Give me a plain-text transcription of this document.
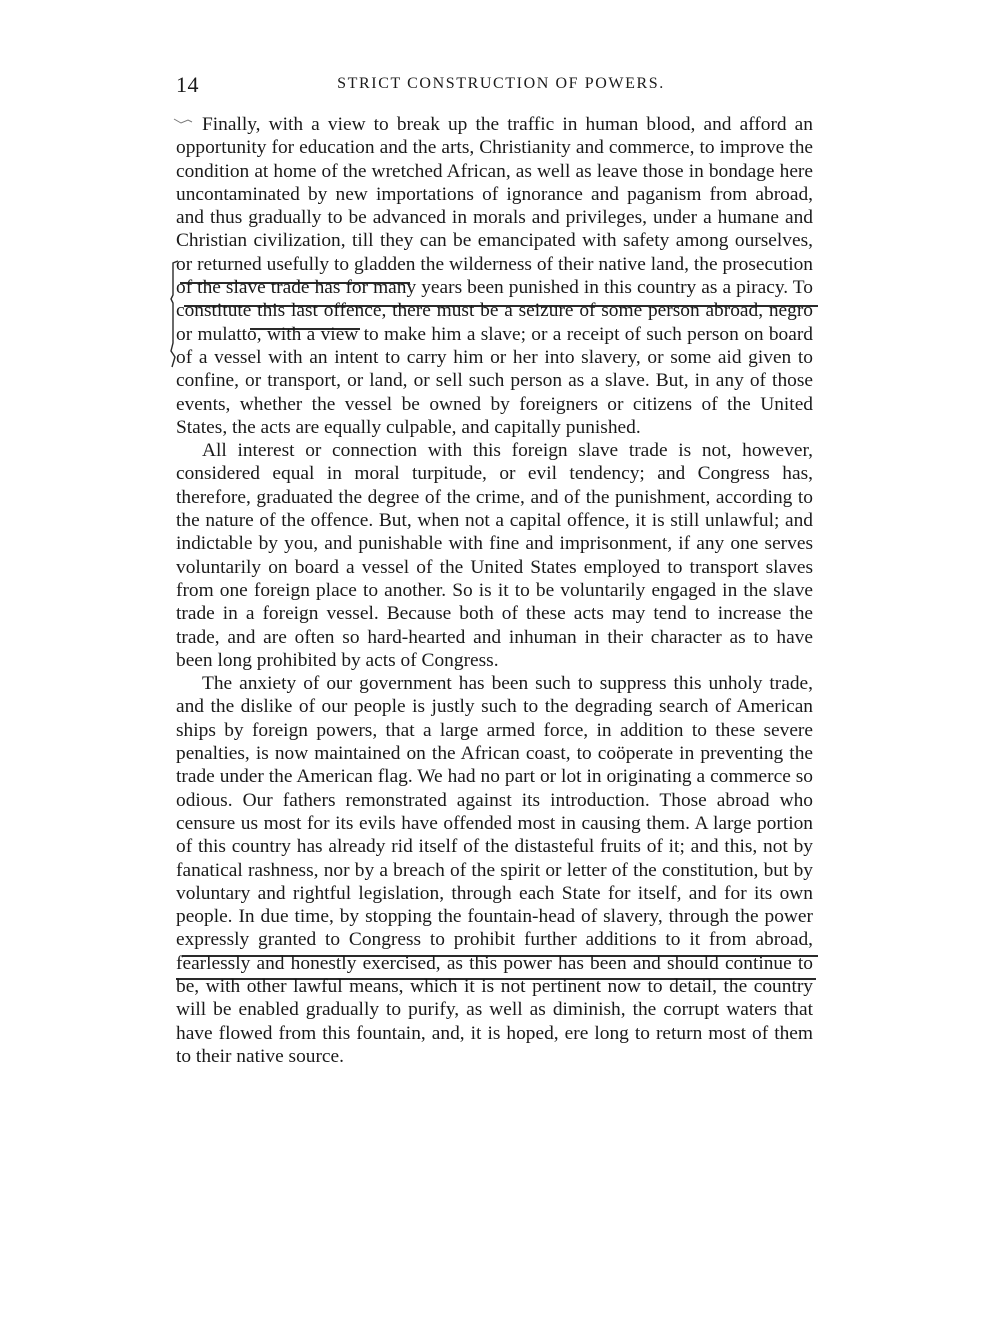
14	STRICT CONSTRUCTION OF POWERS.

Finally, with a view to break up the traffic in human blood, and afford an opportunity for education and the arts, Christianity and commerce, to improve the condition at home of the wretched African, as well as leave those in bondage here uncontaminated by new importations of ignorance and paganism from abroad, and thus gradually to be advanced in morals and privileges, under a humane and Christian civilization, till they can be emancipated with safety among ourselves, or returned usefully to gladden the wilderness of their native land, the prosecution of the slave trade has for many years been punished in this country as a piracy. To constitute this last offence, there must be a seizure of some person abroad, negro or mulatto, with a view to make him a slave; or a receipt of such person on board of a vessel with an intent to carry him or her into slavery, or some aid given to confine, or transport, or land, or sell such person as a slave. But, in any of those events, whether the vessel be owned by foreigners or citizens of the United States, the acts are equally culpable, and capitally punished.

All interest or connection with this foreign slave trade is not, however, considered equal in moral turpitude, or evil tendency; and Congress has, therefore, graduated the degree of the crime, and of the punishment, according to the nature of the offence. But, when not a capital offence, it is still unlawful; and indictable by you, and punishable with fine and imprisonment, if any one serves voluntarily on board a vessel of the United States employed to transport slaves from one foreign place to another. So is it to be voluntarily engaged in the slave trade in a foreign vessel. Because both of these acts may tend to increase the trade, and are often so hard-hearted and inhuman in their character as to have been long prohibited by acts of Congress.

The anxiety of our government has been such to suppress this unholy trade, and the dislike of our people is justly such to the degrading search of American ships by foreign powers, that a large armed force, in addition to these severe penalties, is now maintained on the African coast, to coöperate in preventing the trade under the American flag. We had no part or lot in originating a commerce so odious. Our fathers remonstrated against its introduction. Those abroad who censure us most for its evils have offended most in causing them. A large portion of this country has already rid itself of the distasteful fruits of it; and this, not by fanatical rashness, nor by a breach of the spirit or letter of the constitution, but by voluntary and rightful legislation, through each State for itself, and for its own people. In due time, by stopping the fountain-head of slavery, through the power expressly granted to Congress to prohibit further additions to it from abroad, fearlessly and honestly exercised, as this power has been and should continue to be, with other lawful means, which it is not pertinent now to detail, the country will be enabled gradually to purify, as well as diminish, the corrupt waters that have flowed from this fountain, and, it is hoped, ere long to return most of them to their native source.
